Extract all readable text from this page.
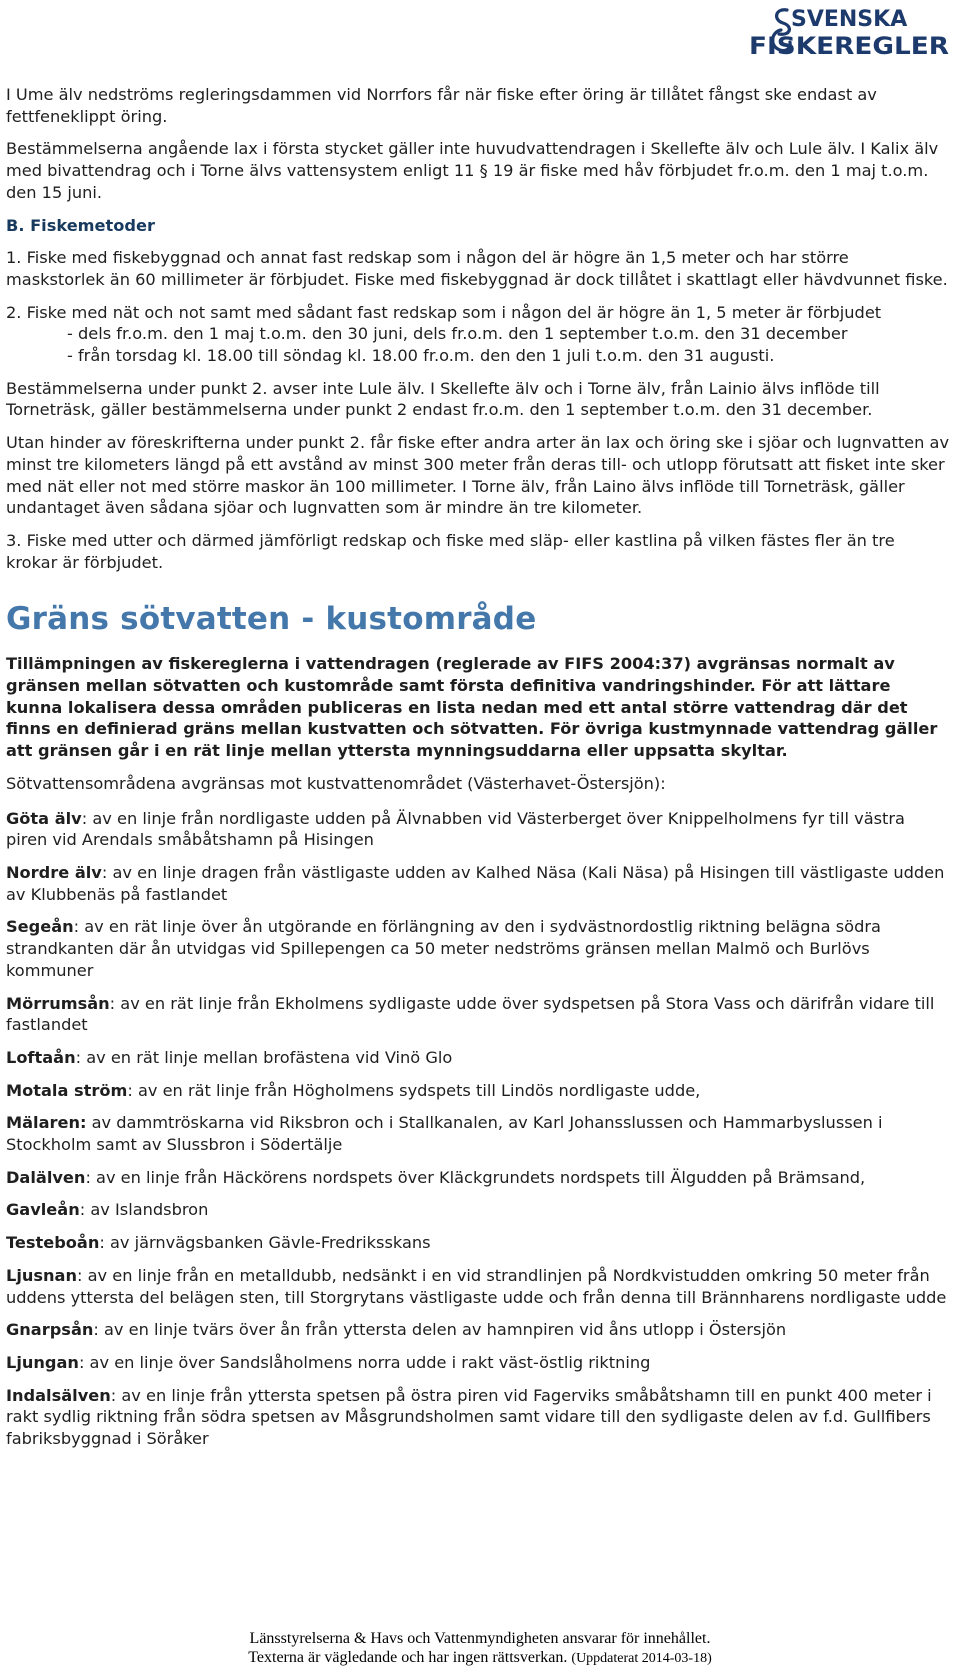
SVENSKA
FISKEREGLER

I Ume älv nedströms regleringsdammen vid Norrfors får när fiske efter öring är tillåtet fångst ske endast av fettfeneklippt öring.

Bestämmelserna angående lax i första stycket gäller inte huvudvattendragen i Skellefte älv och Lule älv. I Kalix älv med bivattendrag och i Torne älvs vattensystem enligt 11 § 19 är fiske med håv förbjudet fr.o.m. den 1 maj t.o.m. den 15 juni.

B. Fiskemetoder

1. Fiske med fiskebyggnad och annat fast redskap som i någon del är högre än 1,5 meter och har större maskstorlek än 60 millimeter är förbjudet. Fiske med fiskebyggnad är dock tillåtet i skattlagt eller hävdvunnet fiske.

2. Fiske med nät och not samt med sådant fast redskap som i någon del är högre än 1, 5 meter är förbjudet
- dels fr.o.m. den 1 maj t.o.m. den 30 juni, dels fr.o.m. den 1 september t.o.m. den 31 december
- från torsdag kl. 18.00 till söndag kl. 18.00 fr.o.m. den den 1 juli t.o.m. den 31 augusti.

Bestämmelserna under punkt 2. avser inte Lule älv. I Skellefte älv och i Torne älv, från Lainio älvs inflöde till Torneträsk, gäller bestämmelserna under punkt 2 endast fr.o.m. den 1 september t.o.m. den 31 december.

Utan hinder av föreskrifterna under punkt 2. får fiske efter andra arter än lax och öring ske i sjöar och lugnvatten av minst tre kilometers längd på ett avstånd av minst 300 meter från deras till- och utlopp förutsatt att fisket inte sker med nät eller not med större maskor än 100 millimeter. I Torne älv, från Laino älvs inflöde till Torneträsk, gäller undantaget även sådana sjöar och lugnvatten som är mindre än tre kilometer.

3. Fiske med utter och därmed jämförligt redskap och fiske med släp- eller kastlina på vilken fästes fler än tre krokar är förbjudet.

Gräns sötvatten - kustområde

Tillämpningen av fiskereglerna i vattendragen (reglerade av FIFS 2004:37) avgränsas normalt av gränsen mellan sötvatten och kustområde samt första definitiva vandringshinder. För att lättare kunna lokalisera dessa områden publiceras en lista nedan med ett antal större vattendrag där det finns en definierad gräns mellan kustvatten och sötvatten. För övriga kustmynnade vattendrag gäller att gränsen går i en rät linje mellan yttersta mynningsuddarna eller uppsatta skyltar.

Sötvattensområdena avgränsas mot kustvattenområdet (Västerhavet-Östersjön):

Göta älv: av en linje från nordligaste udden på Älvnabben vid Västerberget över Knippelholmens fyr till västra piren vid Arendals småbåtshamn på Hisingen

Nordre älv: av en linje dragen från västligaste udden av Kalhed Näsa (Kali Näsa) på Hisingen till västligaste udden av Klubbenäs på fastlandet

Segeån: av en rät linje över ån utgörande en förlängning av den i sydvästnordostlig riktning belägna södra strandkanten där ån utvidgas vid Spillepengen ca 50 meter nedströms gränsen mellan Malmö och Burlövs kommuner

Mörrumsån: av en rät linje från Ekholmens sydligaste udde över sydspetsen på Stora Vass och därifrån vidare till fastlandet

Loftaån: av en rät linje mellan brofästena vid Vinö Glo

Motala ström: av en rät linje från Högholmens sydspets till Lindös nordligaste udde,

Mälaren: av dammtröskarna vid Riksbron och i Stallkanalen, av Karl Johansslussen och Hammarbyslussen i Stockholm samt av Slussbron i Södertälje

Dalälven: av en linje från Häckörens nordspets över Kläckgrundets nordspets till Älgudden på Brämsand,

Gavleån: av Islandsbron

Testeboån: av järnvägsbanken Gävle-Fredriksskans

Ljusnan: av en linje från en metalldubb, nedsänkt i en vid strandlinjen på Nordkvistudden omkring 50 meter från uddens yttersta del belägen sten, till Storgrytans västligaste udde och från denna till Brännharens nordligaste udde

Gnarpsån: av en linje tvärs över ån från yttersta delen av hamnpiren vid åns utlopp i Östersjön

Ljungan: av en linje över Sandslåholmens norra udde i rakt väst-östlig riktning

Indalsälven: av en linje från yttersta spetsen på östra piren vid Fagerviks småbåtshamn till en punkt 400 meter i rakt sydlig riktning från södra spetsen av Måsgrundsholmen samt vidare till den sydligaste delen av f.d. Gullfibers fabriksbyggnad i Söråker

Länsstyrelserna & Havs och Vattenmyndigheten ansvarar för innehållet.
Texterna är vägledande och har ingen rättsverkan. (Uppdaterat 2014-03-18)
